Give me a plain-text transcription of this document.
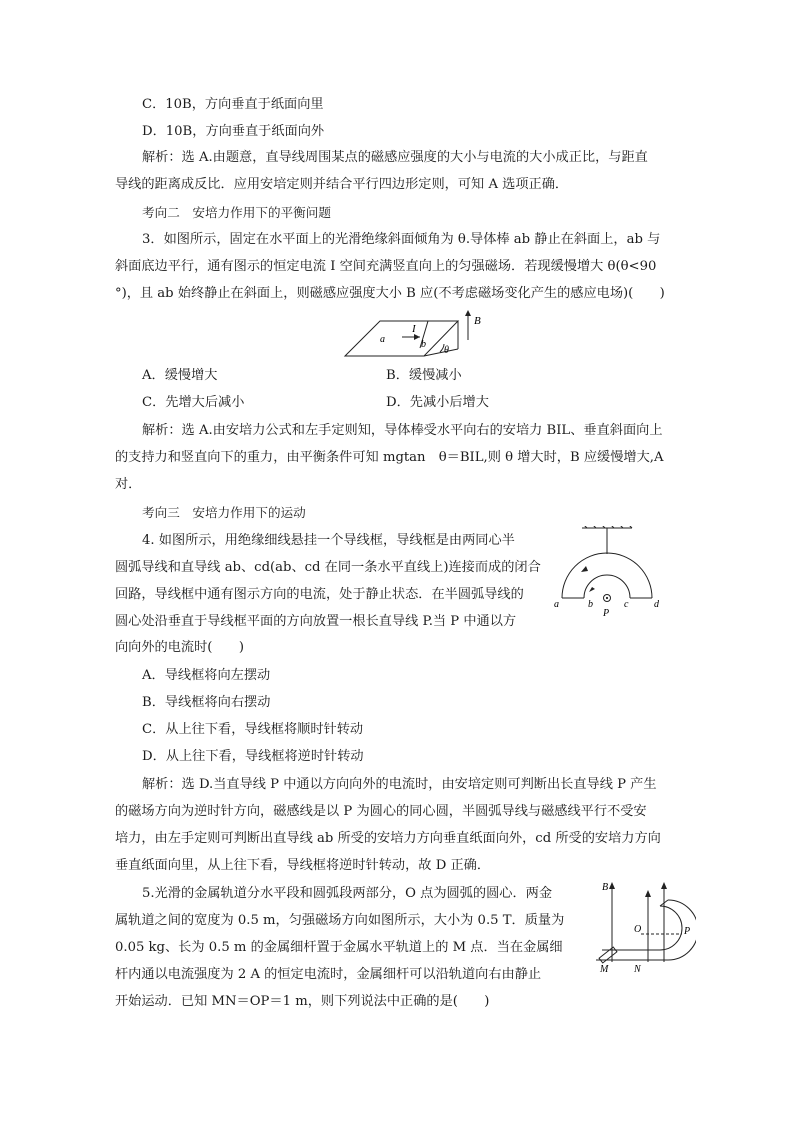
C．10B，方向垂直于纸面向里
D．10B，方向垂直于纸面向外
解析：选 A.由题意，直导线周围某点的磁感应强度的大小与电流的大小成正比，与距直
导线的距离成反比．应用安培定则并结合平行四边形定则，可知 A 选项正确．
考向二　安培力作用下的平衡问题
3．如图所示，固定在水平面上的光滑绝缘斜面倾角为 θ.导体棒 ab 静止在斜面上，ab 与
斜面底边平行，通有图示的恒定电流 I 空间充满竖直向上的匀强磁场．若现缓慢增大 θ(θ<90
°)，且 ab 始终静止在斜面上，则磁感应强度大小 B 应(不考虑磁场变化产生的感应电场)(　　)
I
B
a	b
θ
A．缓慢增大	B．缓慢减小
C．先增大后减小	D．先减小后增大
解析：选 A.由安培力公式和左手定则知，导体棒受水平向右的安培力 BIL、垂直斜面向上
的支持力和竖直向下的重力，由平衡条件可知 mgtan　θ＝BIL,则 θ 增大时，B 应缓慢增大,A
对．
考向三　安培力作用下的运动
4. 如图所示，用绝缘细线悬挂一个导线框，导线框是由两同心半
圆弧导线和直导线 ab、cd(ab、cd 在同一条水平直线上)连接而成的闭合
回路，导线框中通有图示方向的电流，处于静止状态．在半圆弧导线的
圆心处沿垂直于导线框平面的方向放置一根长直导线 P.当 P 中通以方
向向外的电流时(　　)
a	b	c	d
P
A．导线框将向左摆动
B．导线框将向右摆动
C．从上往下看，导线框将顺时针转动
D．从上往下看，导线框将逆时针转动
解析：选 D.当直导线 P 中通以方向向外的电流时，由安培定则可判断出长直导线 P 产生
的磁场方向为逆时针方向，磁感线是以 P 为圆心的同心圆，半圆弧导线与磁感线平行不受安
培力，由左手定则可判断出直导线 ab 所受的安培力方向垂直纸面向外，cd 所受的安培力方向
垂直纸面向里，从上往下看，导线框将逆时针转动，故 D 正确．
5.光滑的金属轨道分水平段和圆弧段两部分，O 点为圆弧的圆心．两金
属轨道之间的宽度为 0.5 m，匀强磁场方向如图所示，大小为 0.5 T．质量为
0.05 kg、长为 0.5 m 的金属细杆置于金属水平轨道上的 M 点．当在金属细
杆内通以电流强度为 2 A 的恒定电流时，金属细杆可以沿轨道向右由静止
开始运动．已知 MN＝OP＝1 m，则下列说法中正确的是(　　)
B
O	P
M	N
